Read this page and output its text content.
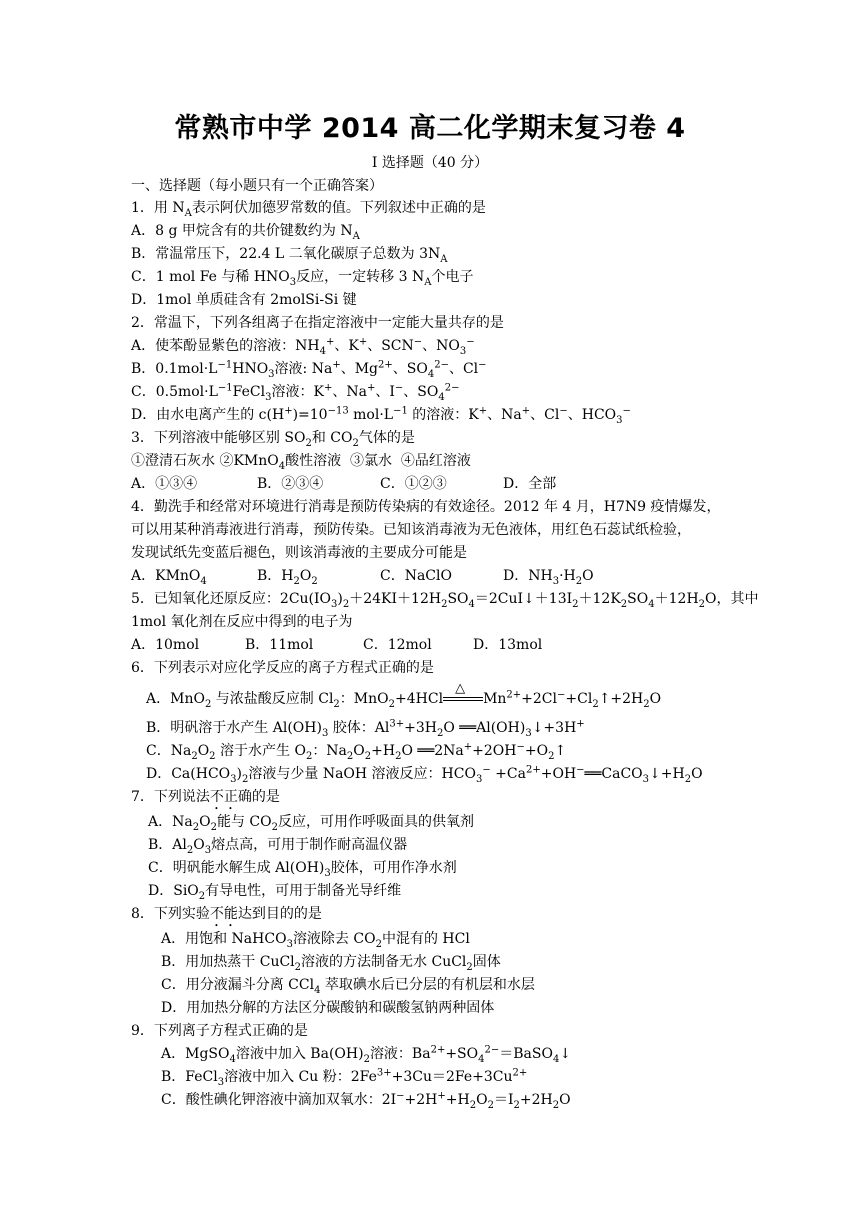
常熟市中学 2014 高二化学期末复习卷 4
I 选择题（40 分）
一、选择题（每小题只有一个正确答案）
1．用 $N_A$表示阿伏加德罗常数的值。下列叙述中正确的是
A．8 g 甲烷含有的共价键数约为 $N_A$
B．常温常压下，22.4 L 二氧化碳原子总数为 $3N_A$
C．1 mol Fe 与稀 $HNO_3$反应，一定转移 3 $N_A$个电子
D．1mol 单质硅含有 2molSi-Si 键
2．常温下，下列各组离子在指定溶液中一定能大量共存的是
A．使苯酚显紫色的溶液：$NH_4^+$、K+、SCN−、$NO_3^-$
B．$0.1mol\cdot L^{-1}HNO_3$溶液: Na+、$Mg^{2+}$、$SO_4^{2-}$、Cl−
C．$0.5mol\cdot L^{-1}FeCl_3$溶液：K+、Na+、I−、$SO_4^{2-}$
D．由水电离产生的 $c(H^+)=10^{-13}$ $mol\cdot L^{-1}$ 的溶液：K+、Na+、Cl−、$HCO_3^-$
3．下列溶液中能够区别 $SO_2$和 $CO_2$气体的是
①澄清石灰水 ②KMnO$_4$酸性溶液  ③氯水  ④品红溶液
A．①③④	B．②③④	C．①②③	D．全部
4．勤洗手和经常对环境进行消毒是预防传染病的有效途径。2012 年 4 月，H7N9 疫情爆发，
可以用某种消毒液进行消毒，预防传染。已知该消毒液为无色液体，用红色石蕊试纸检验，
发现试纸先变蓝后褪色，则该消毒液的主要成分可能是
A．KMnO$_4$	B．$H_2O_2$	C．NaClO	D．$NH_3\cdot H_2O$
5．已知氧化还原反应：$2Cu(IO_3)_2+24KI+12H_2SO_4=2CuI↓+13I_2+12K_2SO_4+12H_2O$，其中
1mol 氧化剂在反应中得到的电子为
A．10mol	B．11mol	C．12mol	D．13mol
6．下列表示对应化学反应的离子方程式正确的是
A．MnO$_2$ 与浓盐酸反应制 $Cl_2$：MnO$_2$+4HCl
△
$Mn^{2+}+2Cl^-+Cl_2↑+2H_2O$
B．明矾溶于水产生 $Al(OH)_3$ 胶体：$Al^{3+}+3H_2O$ $══Al(OH)_3↓+3H^+$
C．$Na_2O_2$ 溶于水产生 $O_2$：$Na_2O_2+H_2O$ $══2Na^++2OH^-+O_2↑$
D．$Ca(HCO_3)_2$溶液与少量 NaOH 溶液反应：$HCO_3^-$ $+Ca^{2+}+OH^-══CaCO_3↓+H_2O$
7．下列说法不正确的是
A．$Na_2O_2$能与 $CO_2$反应，可用作呼吸面具的供氧剂
B．$Al_2O_3$熔点高，可用于制作耐高温仪器
C．明矾能水解生成 $Al(OH)_3$胶体，可用作净水剂
D．SiO$_2$有导电性，可用于制备光导纤维
8．下列实验不能达到目的的是
A．用饱和 NaHCO$_3$溶液除去 $CO_2$中混有的 HCl
B．用加热蒸干 CuCl$_2$溶液的方法制备无水 CuCl$_2$固体
C．用分液漏斗分离 CCl$_4$ 萃取碘水后已分层的有机层和水层
D．用加热分解的方法区分碳酸钠和碳酸氢钠两种固体
9．下列离子方程式正确的是
A．MgSO$_4$溶液中加入 $Ba(OH)_2$溶液：$Ba^{2+}+SO_4^{2-}=BaSO_4↓$
B．FeCl$_3$溶液中加入 Cu 粉：$2Fe^{3+}+3Cu=2Fe+3Cu^{2+}$
C．酸性碘化钾溶液中滴加双氧水：$2I^-+2H^++H_2O_2=I_2+2H_2O$
